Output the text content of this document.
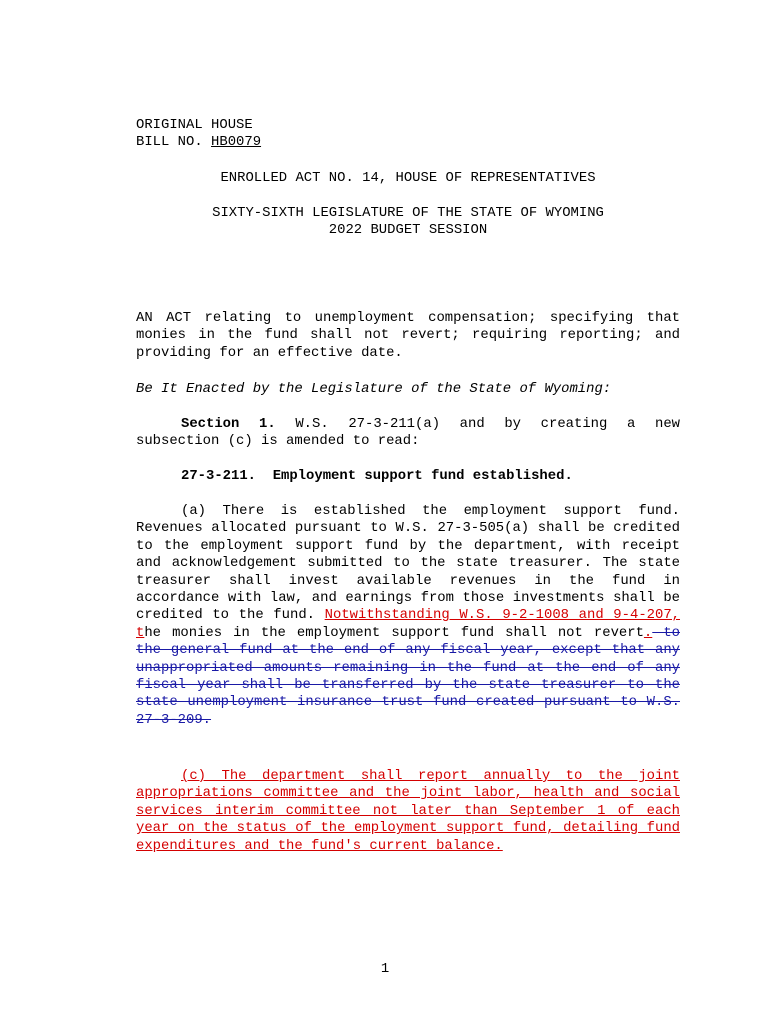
ORIGINAL HOUSE
BILL NO. HB0079
ENROLLED ACT NO. 14, HOUSE OF REPRESENTATIVES
SIXTY-SIXTH LEGISLATURE OF THE STATE OF WYOMING
2022 BUDGET SESSION
AN ACT relating to unemployment compensation; specifying that monies in the fund shall not revert; requiring reporting; and providing for an effective date.
Be It Enacted by the Legislature of the State of Wyoming:
Section 1. W.S. 27-3-211(a) and by creating a new subsection (c) is amended to read:
27-3-211.  Employment support fund established.
(a) There is established the employment support fund. Revenues allocated pursuant to W.S. 27-3-505(a) shall be credited to the employment support fund by the department, with receipt and acknowledgement submitted to the state treasurer. The state treasurer shall invest available revenues in the fund in accordance with law, and earnings from those investments shall be credited to the fund. Notwithstanding W.S. 9-2-1008 and 9-4-207, the monies in the employment support fund shall not revert. to the general fund at the end of any fiscal year, except that any unappropriated amounts remaining in the fund at the end of any fiscal year shall be transferred by the state treasurer to the state unemployment insurance trust fund created pursuant to W.S. 27-3-209.
(c) The department shall report annually to the joint appropriations committee and the joint labor, health and social services interim committee not later than September 1 of each year on the status of the employment support fund, detailing fund expenditures and the fund's current balance.
1
